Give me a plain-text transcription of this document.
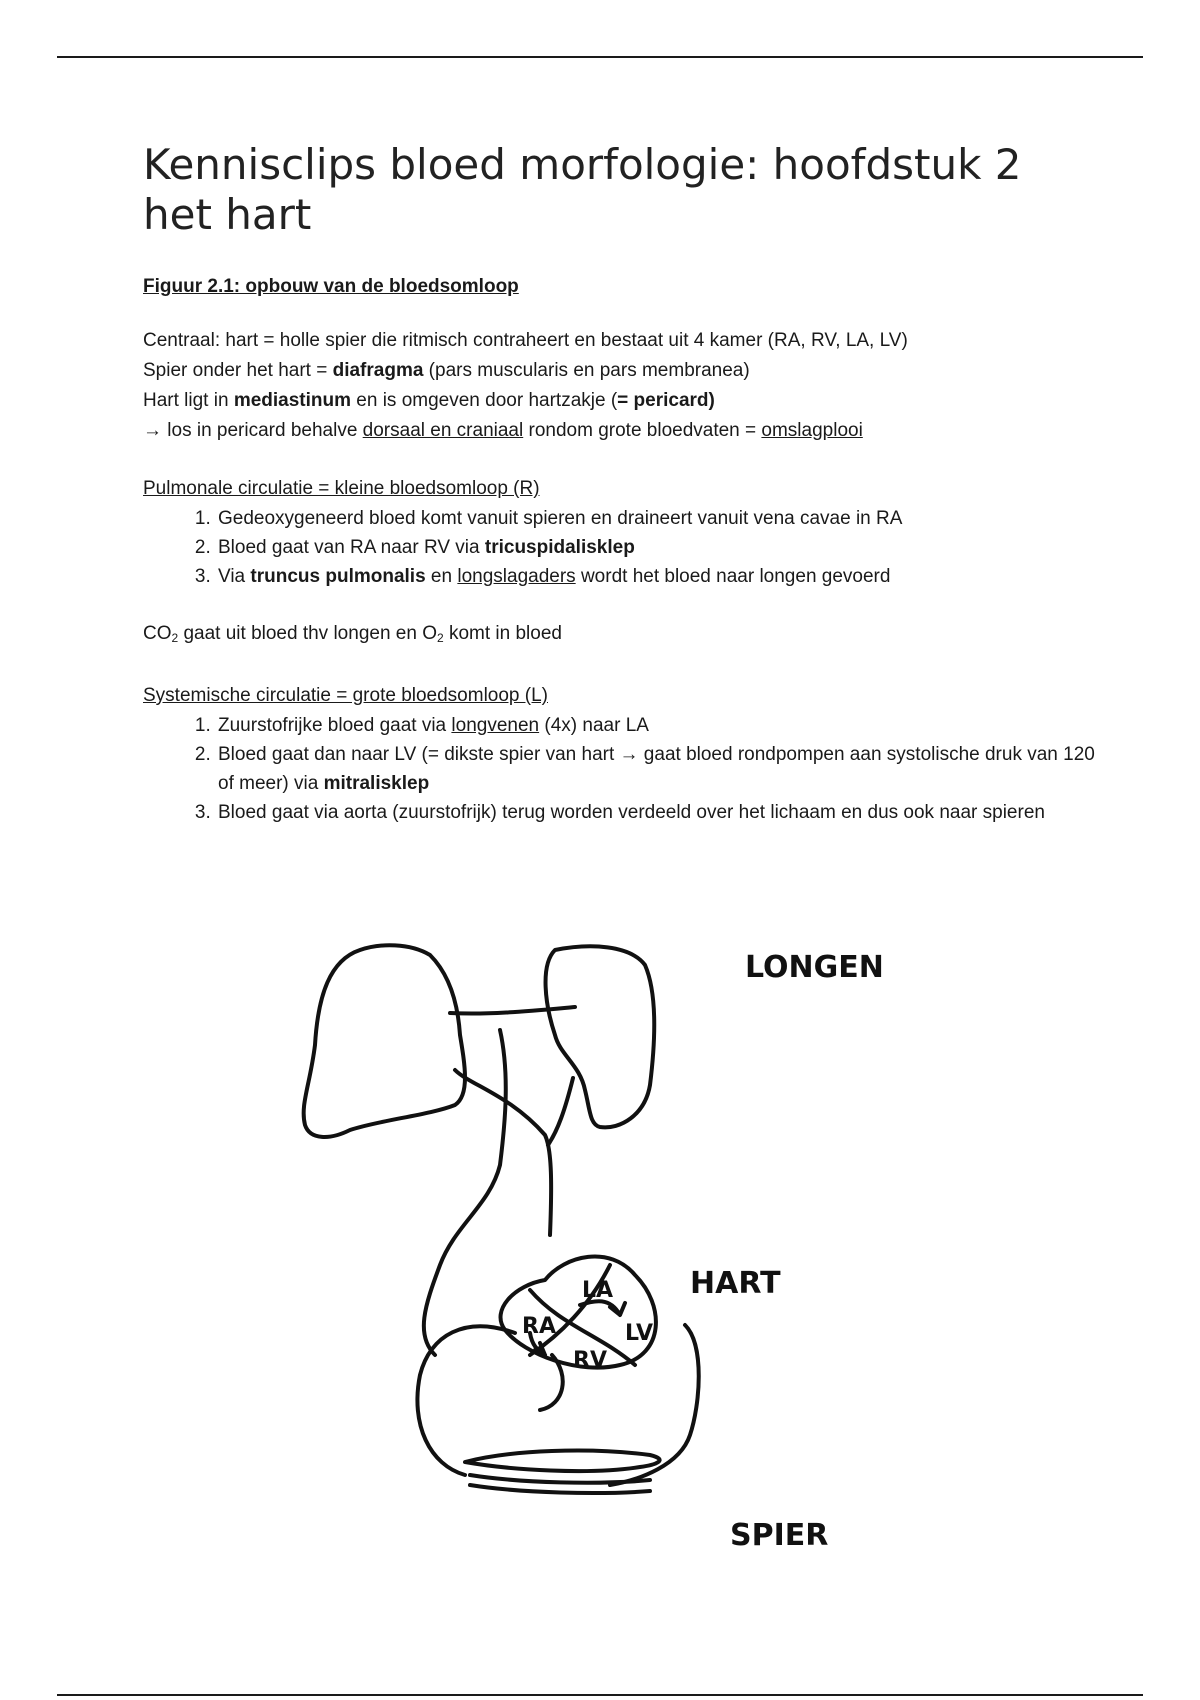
Kennisclips bloed morfologie: hoofdstuk 2 het hart
Figuur 2.1: opbouw van de bloedsomloop
Centraal: hart = holle spier die ritmisch contraheert en bestaat uit 4 kamer (RA, RV, LA, LV)
Spier onder het hart = diafragma (pars muscularis en pars membranea)
Hart ligt in mediastinum en is omgeven door hartzakje (= pericard)
→ los in pericard behalve dorsaal en craniaal rondom grote bloedvaten = omslagplooi
Pulmonale circulatie = kleine bloedsomloop (R)
1. Gedeoxygeneerd bloed komt vanuit spieren en draineert vanuit vena cavae in RA
2. Bloed gaat van RA naar RV via tricuspidalisklep
3. Via truncus pulmonalis en longslagaders wordt het bloed naar longen gevoerd
$CO_2$ gaat uit bloed thv longen en $O_2$ komt in bloed
Systemische circulatie = grote bloedsomloop (L)
1. Zuurstofrijke bloed gaat via longvenen (4x) naar LA
2. Bloed gaat dan naar LV (= dikste spier van hart → gaat bloed rondpompen aan systolische druk van 120 of meer) via mitralisklep
3. Bloed gaat via aorta (zuurstofrijk) terug worden verdeeld over het lichaam en dus ook naar spieren
LONGEN
HART
SPIER
LA
RA	LV
RV
